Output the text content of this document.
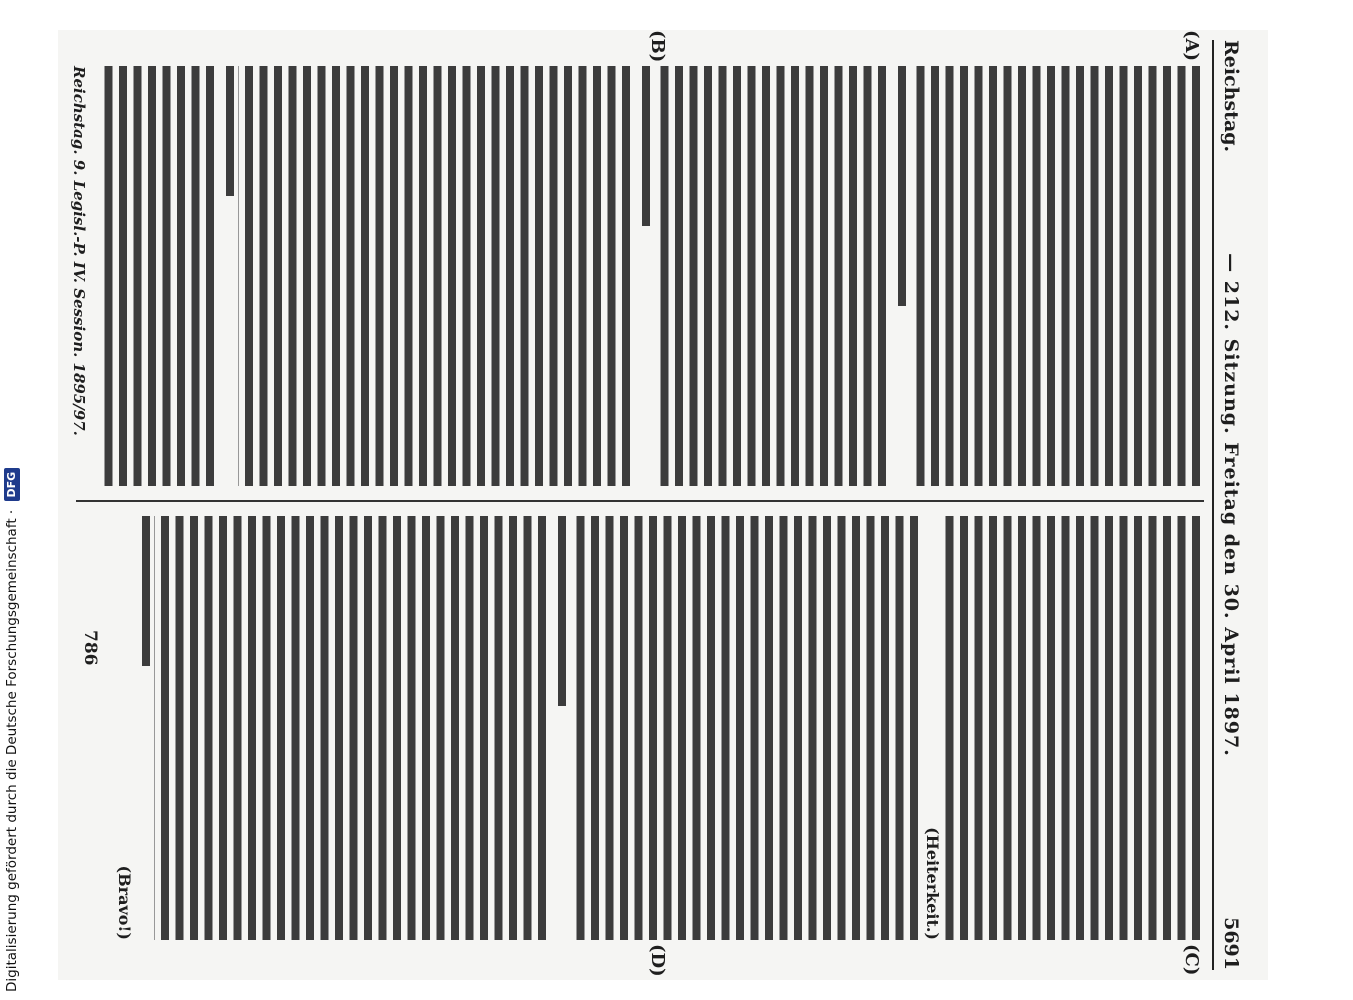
Reichstag.
— 212. Sitzung. Freitag den 30. April 1897.
5691
(A)
(B)
(C)
(D)
(Heiterkeit.)
(Bravo!)
786
Reichstag. 9. Legisl.-P. IV. Session. 1895/97.
Digitalisierung gefördert durch die Deutsche Forschungsgemeinschaft · DFG
